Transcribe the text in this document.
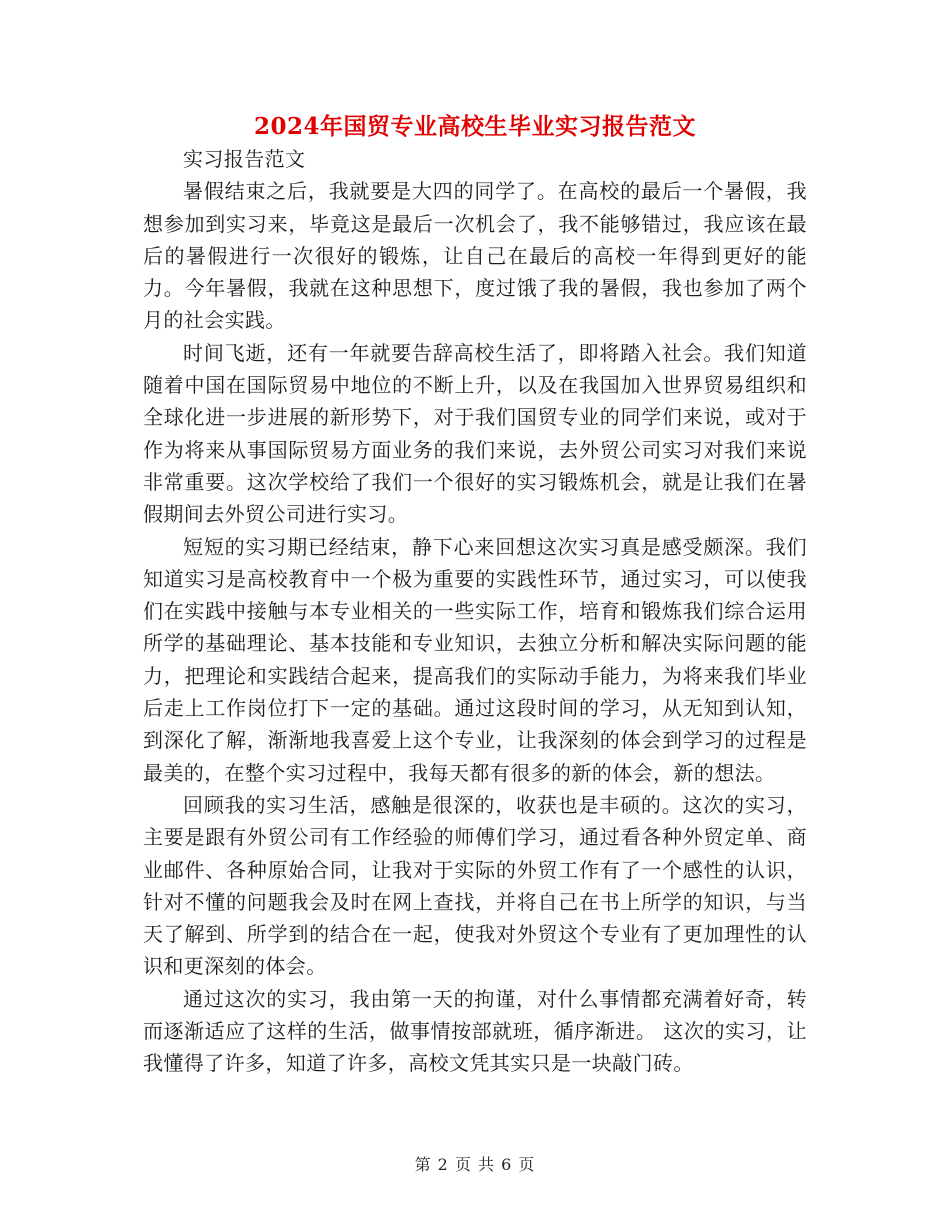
2024年国贸专业高校生毕业实习报告范文

实习报告范文

暑假结束之后，我就要是大四的同学了。在高校的最后一个暑假，我想参加到实习来，毕竟这是最后一次机会了，我不能够错过，我应该在最后的暑假进行一次很好的锻炼，让自己在最后的高校一年得到更好的能力。今年暑假，我就在这种思想下，度过饿了我的暑假，我也参加了两个月的社会实践。

时间飞逝，还有一年就要告辞高校生活了，即将踏入社会。我们知道随着中国在国际贸易中地位的不断上升，以及在我国加入世界贸易组织和全球化进一步进展的新形势下，对于我们国贸专业的同学们来说，或对于作为将来从事国际贸易方面业务的我们来说，去外贸公司实习对我们来说非常重要。这次学校给了我们一个很好的实习锻炼机会，就是让我们在暑假期间去外贸公司进行实习。

短短的实习期已经结束，静下心来回想这次实习真是感受颇深。我们知道实习是高校教育中一个极为重要的实践性环节，通过实习，可以使我们在实践中接触与本专业相关的一些实际工作，培育和锻炼我们综合运用所学的基础理论、基本技能和专业知识，去独立分析和解决实际问题的能力，把理论和实践结合起来，提高我们的实际动手能力，为将来我们毕业后走上工作岗位打下一定的基础。通过这段时间的学习，从无知到认知，到深化了解，渐渐地我喜爱上这个专业，让我深刻的体会到学习的过程是最美的，在整个实习过程中，我每天都有很多的新的体会，新的想法。

回顾我的实习生活，感触是很深的，收获也是丰硕的。这次的实习，主要是跟有外贸公司有工作经验的师傅们学习，通过看各种外贸定单、商业邮件、各种原始合同，让我对于实际的外贸工作有了一个感性的认识，针对不懂的问题我会及时在网上查找，并将自己在书上所学的知识，与当天了解到、所学到的结合在一起，使我对外贸这个专业有了更加理性的认识和更深刻的体会。

通过这次的实习，我由第一天的拘谨，对什么事情都充满着好奇，转而逐渐适应了这样的生活，做事情按部就班，循序渐进。 这次的实习，让我懂得了许多，知道了许多，高校文凭其实只是一块敲门砖。

第 2 页 共 6 页
